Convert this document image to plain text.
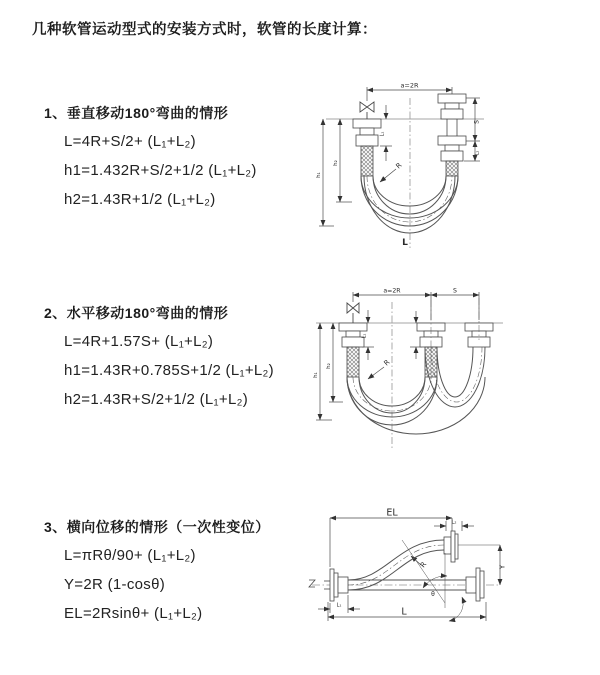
几种软管运动型式的安装方式时，软管的长度计算：
1、垂直移动180°弯曲的情形

L=4R+S/2+ (L₁+L₂)

h1=1.432R+S/2+1/2 (L₁+L₂)

h2=1.43R+1/2 (L₁+L₂)

2、水平移动180°弯曲的情形

L=4R+1.57S+ (L₁+L₂)

h1=1.43R+0.785S+1/2 (L₁+L₂)

h2=1.43R+S/2+1/2 (L₁+L₂)

3、横向位移的情形（一次性变位）

L=πRθ/90+ (L₁+L₂)

Y=2R (1-cosθ)

EL=2Rsinθ+ (L₁+L₂)

a=2R
L₁
S
L₂
h₁
h₂	R
L
a=2R	S
L₁
h₁
h₂	R
EL
L₂
Y
R
θ
L
L₁
